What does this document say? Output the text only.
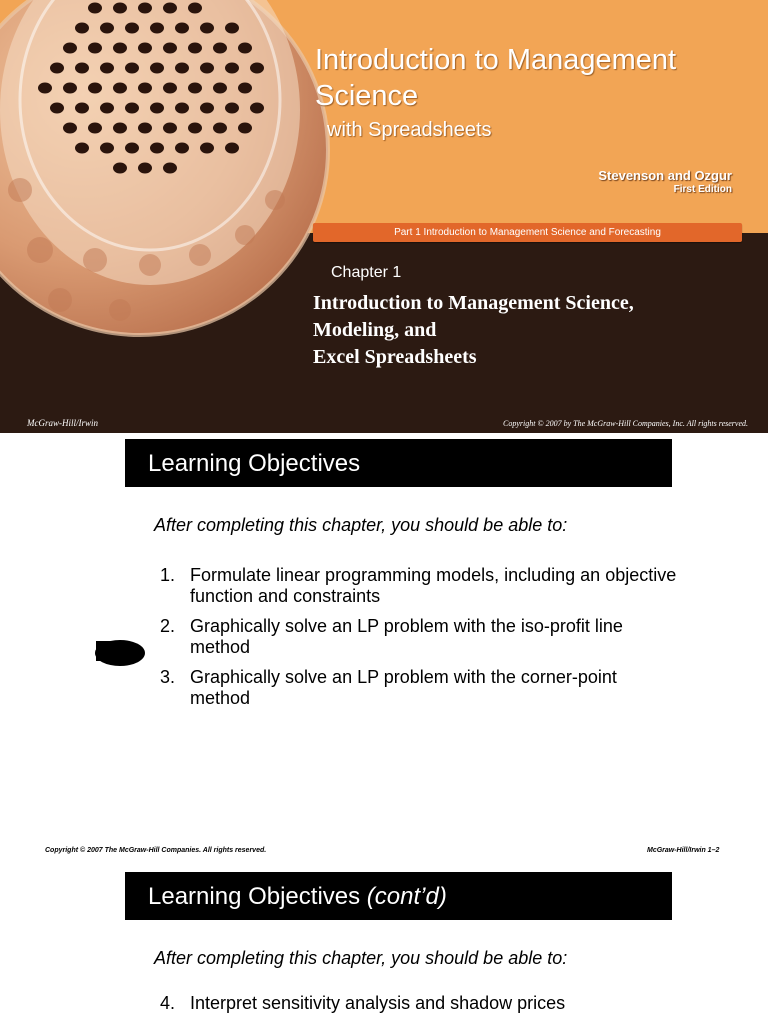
Introduction to Management Science
with Spreadsheets
Stevenson and Ozgur
First Edition
Part 1 Introduction to Management Science and Forecasting
Chapter 1
Introduction to Management Science,
Modeling, and
Excel Spreadsheets
McGraw-Hill/Irwin	Copyright © 2007 by The McGraw-Hill Companies, Inc. All rights reserved.
Learning Objectives
After completing this chapter, you should be able to:
1. Formulate linear programming models, including an objective function and constraints
2. Graphically solve an LP problem with the iso-profit line method
3. Graphically solve an LP problem with the corner-point method
Copyright © 2007 The McGraw-Hill Companies. All rights reserved.	McGraw-Hill/Irwin 1–2
Learning Objectives (cont’d)
After completing this chapter, you should be able to:
4. Interpret sensitivity analysis and shadow prices
